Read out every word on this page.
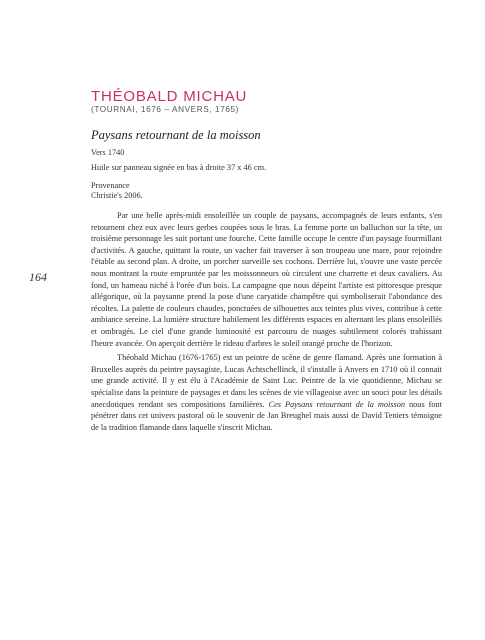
THÉOBALD MICHAU
(TOURNAI, 1676 – ANVERS, 1765)
Paysans retournant de la moisson
Vers 1740
Huile sur panneau signée en bas à droite 37 x 46 cm.
Provenance
Christie's 2006.
164

Par une belle après-midi ensoleillée un couple de paysans, accompagnés de leurs enfants, s'en retournent chez eux avec leurs gerbes coupées sous le bras. La femme porte un balluchon sur la tête, un troisième personnage les suit portant une fourche. Cette famille occupe le centre d'un paysage fourmillant d'activités. A gauche, quittant la route, un vacher fait traverser à son troupeau une mare, pour rejoindre l'étable au second plan. A droite, un porcher surveille ses cochons. Derrière lui, s'ouvre une vaste percée nous montrant la route empruntée par les moissonneurs où circulent une charrette et deux cavaliers. Au fond, un hameau niché à l'orée d'un bois. La campagne que nous dépeint l'artiste est pittoresque presque allégorique, où la paysanne prend la pose d'une caryatide champêtre qui symboliserait l'abondance des récoltes. La palette de couleurs chaudes, ponctuées de silhouettes aux teintes plus vives, contribue à cette ambiance sereine. La lumière structure habilement les différents espaces en alternant les plans ensoleillés et ombragés. Le ciel d'une grande luminosité est parcouru de nuages subtilement colorés trahissant l'heure avancée. On aperçoit derrière le rideau d'arbres le soleil orangé proche de l'horizon.

Théobald Michau (1676-1765) est un peintre de scène de genre flamand. Après une formation à Bruxelles auprès du peintre paysagiste, Lucas Achtschellinck, il s'installe à Anvers en 1710 où il connait une grande activité. Il y est élu à l'Académie de Saint Luc. Peintre de la vie quotidienne, Michau se spécialise dans la peinture de paysages et dans les scènes de vie villageoise avec un souci pour les détails anecdotiques rendant ses compositions familières. Ces Paysans retournant de la moisson nous font pénétrer dans cet univers pastoral où le souvenir de Jan Breughel mais aussi de David Teniers témoigne de la tradition flamande dans laquelle s'inscrit Michau.
